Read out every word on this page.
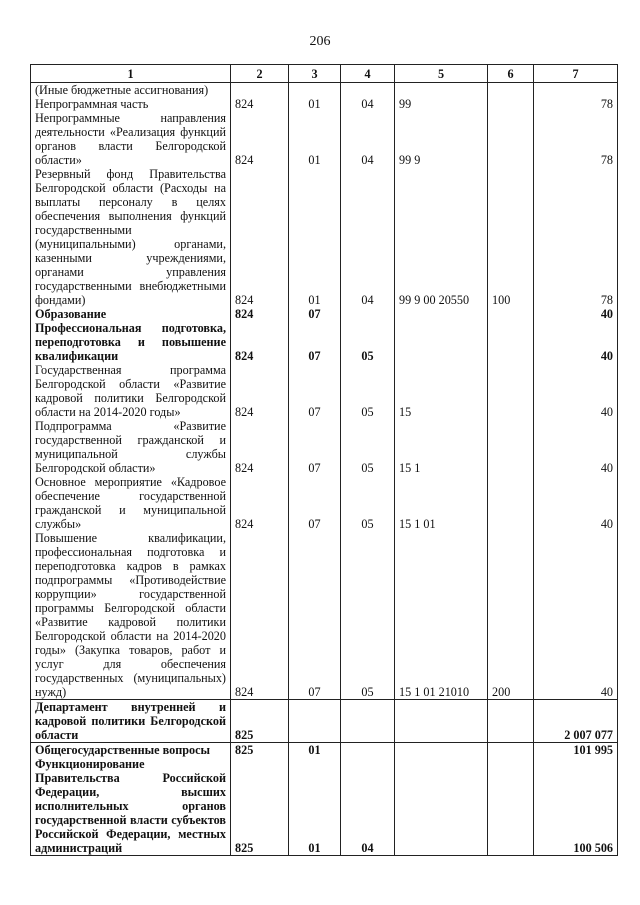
206
1	2	3	4	5	6	7
(Иные бюджетные ассигнования)						
Непрограммная часть	824	01	04	99		78
Непрограммные направления деятельности «Реализация функций органов власти Белгородской области»	824	01	04	99 9		78
Резервный фонд Правительства Белгородской области (Расходы на выплаты персоналу в целях обеспечения выполнения функций государственными (муниципальными) органами, казенными учреждениями, органами управления государственными внебюджетными фондами)	824	01	04	99 9 00 20550	100	78
Образование	824	07				40
Профессиональная подготовка, переподготовка и повышение квалификации	824	07	05			40
Государственная программа Белгородской области «Развитие кадровой политики Белгородской области на 2014-2020 годы»	824	07	05	15		40
Подпрограмма «Развитие государственной гражданской и муниципальной службы Белгородской области»	824	07	05	15 1		40
Основное мероприятие «Кадровое обеспечение государственной гражданской и муниципальной службы»	824	07	05	15 1 01		40
Повышение квалификации, профессиональная подготовка и переподготовка кадров в рамках подпрограммы «Противодействие коррупции» государственной программы Белгородской области «Развитие кадровой политики Белгородской области на 2014-2020 годы» (Закупка товаров, работ и услуг для обеспечения государственных (муниципальных) нужд)	824	07	05	15 1 01 21010	200	40
Департамент внутренней и кадровой политики Белгородской области	825					2 007 077
Общегосударственные вопросы	825	01				101 995
Функционирование Правительства Российской Федерации, высших исполнительных органов государственной власти субъектов Российской Федерации, местных администраций	825	01	04			100 506
